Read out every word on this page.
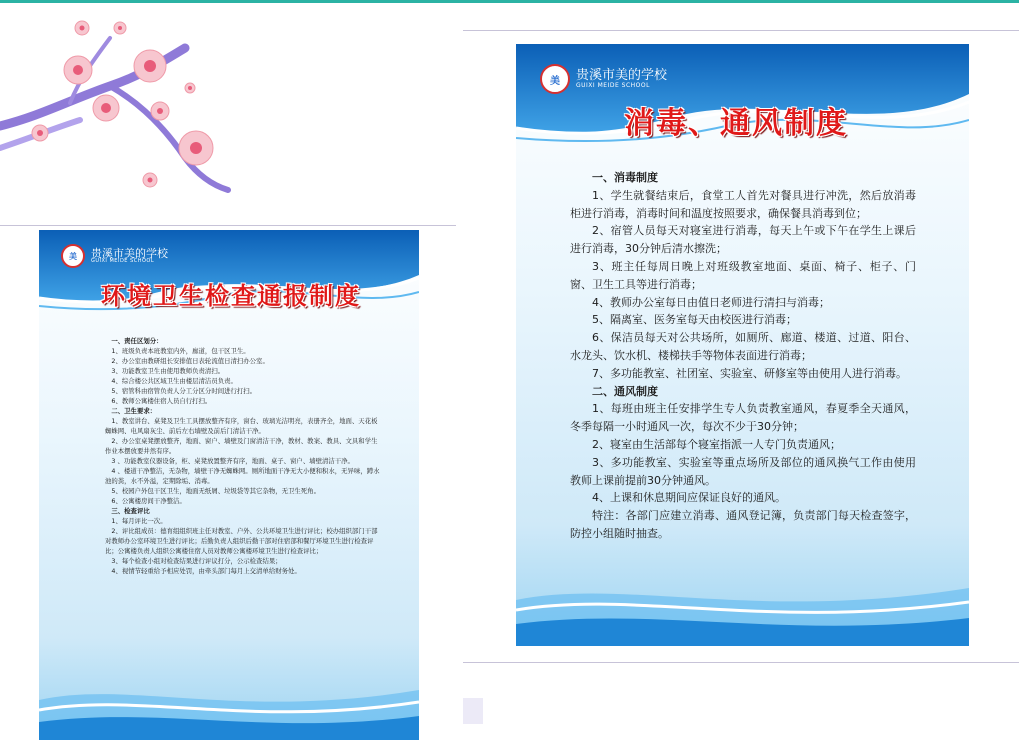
美	贵溪市美的学校
GUIXI MEIDE SCHOOL
环境卫生检查通报制度

一、责任区划分：

1、班级负责本班教室内外，廊道，包干区卫生。

2、办公室由教研组长安排值日表轮流值日清扫办公室。

3、功能教室卫生由使用教师负责清扫。

4、综合楼公共区域卫生由楼层清洁员负责。

5、宿管科由宿管负责人分工分区分时间进行打扫。

6、教师公寓楼住宿人员自行打扫。

二、卫生要求：

1、教室讲台、桌凳及卫生工具摆放整齐有序，窗台、玻璃光洁明亮，表册齐全，地面、天花板蜘蛛网、电风扇灰尘、前后左右墙壁及前后门清洁干净。

2、办公室桌凳摆放整齐，地面、窗户、墙壁及门窗清洁干净，教材、教案、教具、文具和学生作业本摆放要井然有序。

3 、功能教室仪器设备，柜、桌凳放置整齐有序，地面、桌子、窗户、墙壁清洁干净。

4 、楼道干净整洁，无杂物，墙壁干净无蜘蛛网。厕所地面干净无大小便和积水，无异味，蹲水池的粪，水不外溢，定期除垢、消毒。

5、校园户外包干区卫生，地面无纸屑、垃圾袋等其它杂物，无卫生死角。

6、公寓楼房间干净整洁。

三、检查评比

1、每月评比一次。

2、评比组成员：德育组组织班主任对教室、户外、公共环境卫生进行评比；校办组织部门干部对教师办公室环境卫生进行评比；后勤负责人组织后勤干部对住宿部和餐厅环境卫生进行检查评比；公寓楼负责人组织公寓楼住宿人员对教师公寓楼环境卫生进行检查评比；

3、每个检查小组对检查结果进行评议打分，公示检查结果；

4、视情节轻重给予相应处罚，由牵头部门每月上交清单给财务处。

美	贵溪市美的学校
GUIXI MEIDE SCHOOL
消毒、通风制度

一、消毒制度

1、学生就餐结束后，食堂工人首先对餐具进行冲洗，然后放消毒柜进行消毒，消毒时间和温度按照要求，确保餐具消毒到位；

2、宿管人员每天对寝室进行消毒，每天上午或下午在学生上课后进行消毒，30分钟后清水擦洗；

3、班主任每周日晚上对班级教室地面、桌面、椅子、柜子、门窗、卫生工具等进行消毒；

4、教师办公室每日由值日老师进行清扫与消毒；

5、隔离室、医务室每天由校医进行消毒；

6、保洁员每天对公共场所，如厕所、廊道、楼道、过道、阳台、水龙头、饮水机、楼梯扶手等物体表面进行消毒；

7、多功能教室、社团室、实验室、研修室等由使用人进行消毒。

二、通风制度

1、每班由班主任安排学生专人负责教室通风，春夏季全天通风，冬季每隔一小时通风一次，每次不少于30分钟；

2、寝室由生活部每个寝室指派一人专门负责通风；

3、多功能教室、实验室等重点场所及部位的通风换气工作由使用教师上课前提前30分钟通风。

4、上课和休息期间应保证良好的通风。

特注：各部门应建立消毒、通风登记簿，负责部门每天检查签字，防控小组随时抽查。
